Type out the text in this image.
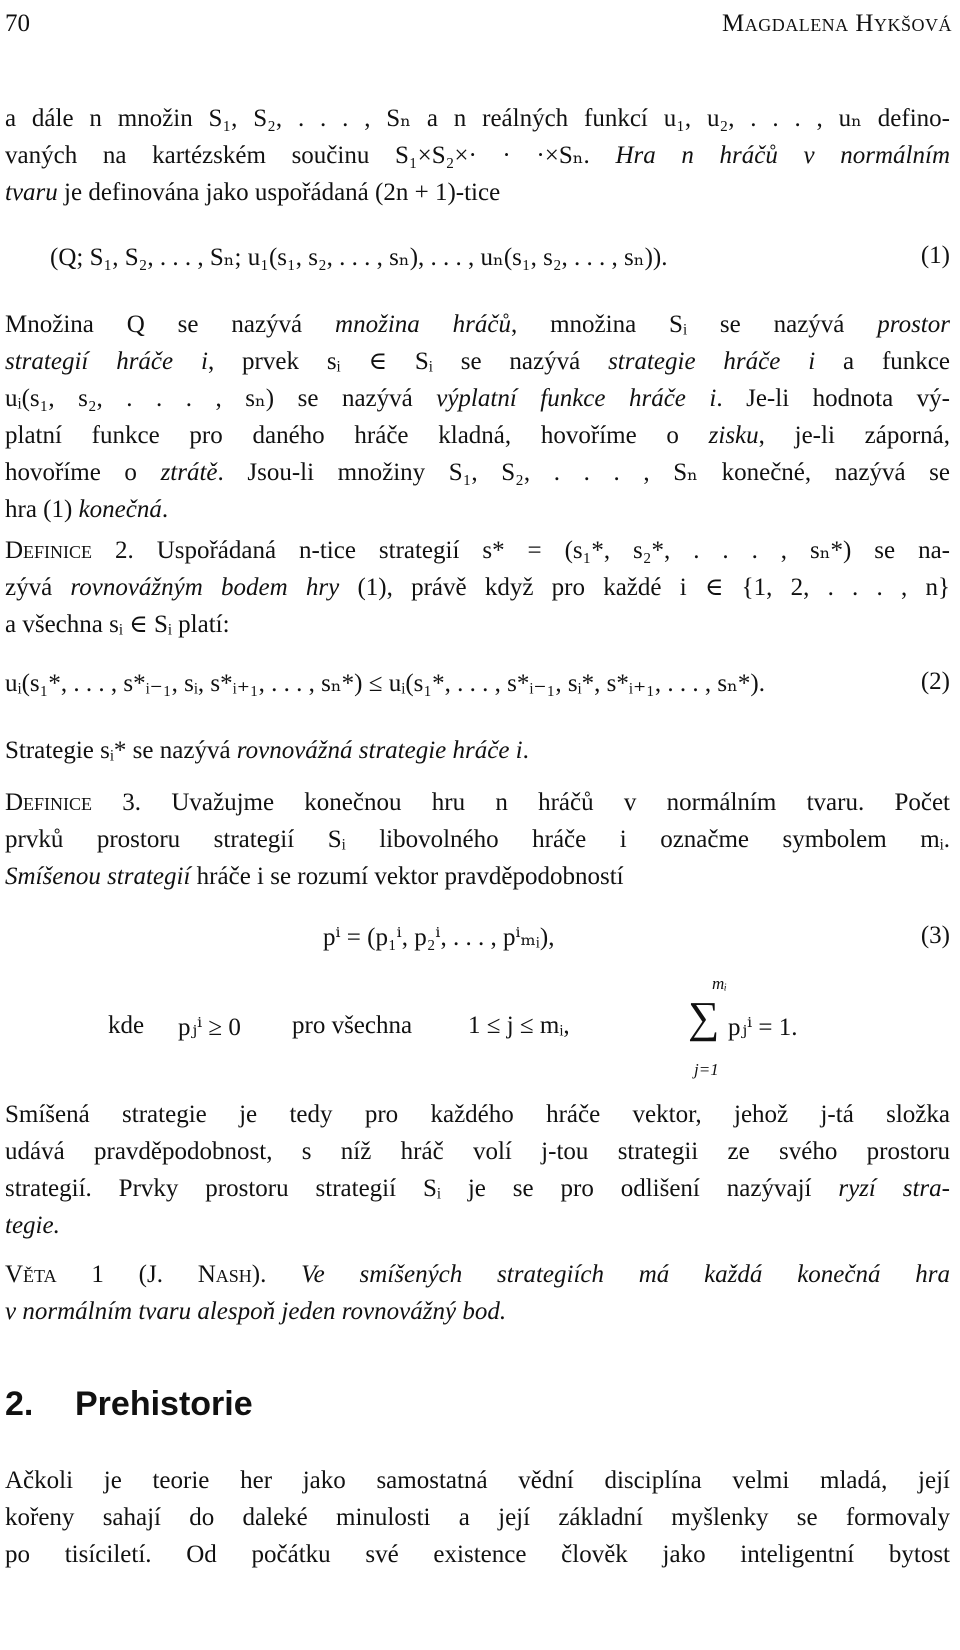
70	Magdalena Hykšová
a dále n množin S₁, S₂, . . . , Sₙ a n reálných funkcí u₁, u₂, . . . , uₙ defino-
vaných na kartézském součinu S₁×S₂×· · ·×Sₙ. Hra n hráčů v normálním
tvaru je definována jako uspořádaná (2n + 1)-tice
(Q; S₁, S₂, . . . , Sₙ; u₁(s₁, s₂, . . . , sₙ), . . . , uₙ(s₁, s₂, . . . , sₙ)).	(1)
Množina Q se nazývá množina hráčů, množina Sᵢ se nazývá prostor
strategií hráče i, prvek sᵢ ∈ Sᵢ se nazývá strategie hráče i a funkce
uᵢ(s₁, s₂, . . . , sₙ) se nazývá výplatní funkce hráče i. Je-li hodnota vý-
platní funkce pro daného hráče kladná, hovoříme o zisku, je-li záporná,
hovoříme o ztrátě. Jsou-li množiny S₁, S₂, . . . , Sₙ konečné, nazývá se
hra (1) konečná.
Definice 2. Uspořádaná n-tice strategií s* = (s₁*, s₂*, . . . , sₙ*) se na-
zývá rovnovážným bodem hry (1), právě když pro každé i ∈ {1, 2, . . . , n}
a všechna sᵢ ∈ Sᵢ platí:
uᵢ(s₁*, . . . , s*ᵢ₋₁, sᵢ, s*ᵢ₊₁, . . . , sₙ*) ≤ uᵢ(s₁*, . . . , s*ᵢ₋₁, sᵢ*, s*ᵢ₊₁, . . . , sₙ*).	(2)
Strategie sᵢ* se nazývá rovnovážná strategie hráče i.
Definice 3. Uvažujme konečnou hru n hráčů v normálním tvaru. Počet
prvků prostoru strategií Sᵢ libovolného hráče i označme symbolem mᵢ.
Smíšenou strategií hráče i se rozumí vektor pravděpodobností
pⁱ = (p₁ⁱ, p₂ⁱ, . . . , pⁱₘᵢ),	(3)
kde pⱼⁱ ≥ 0 pro všechna 1 ≤ j ≤ mᵢ,
mᵢ
∑
j=1
pⱼⁱ = 1.
Smíšená strategie je tedy pro každého hráče vektor, jehož j-tá složka
udává pravděpodobnost, s níž hráč volí j-tou strategii ze svého prostoru
strategií. Prvky prostoru strategií Sᵢ je se pro odlišení nazývají ryzí stra-
tegie.
Věta 1 (J. Nash). Ve smíšených strategiích má každá konečná hra
v normálním tvaru alespoň jeden rovnovážný bod.
2. Prehistorie
Ačkoli je teorie her jako samostatná vědní disciplína velmi mladá, její
kořeny sahají do daleké minulosti a její základní myšlenky se formovaly
po tisíciletí. Od počátku své existence člověk jako inteligentní bytost
